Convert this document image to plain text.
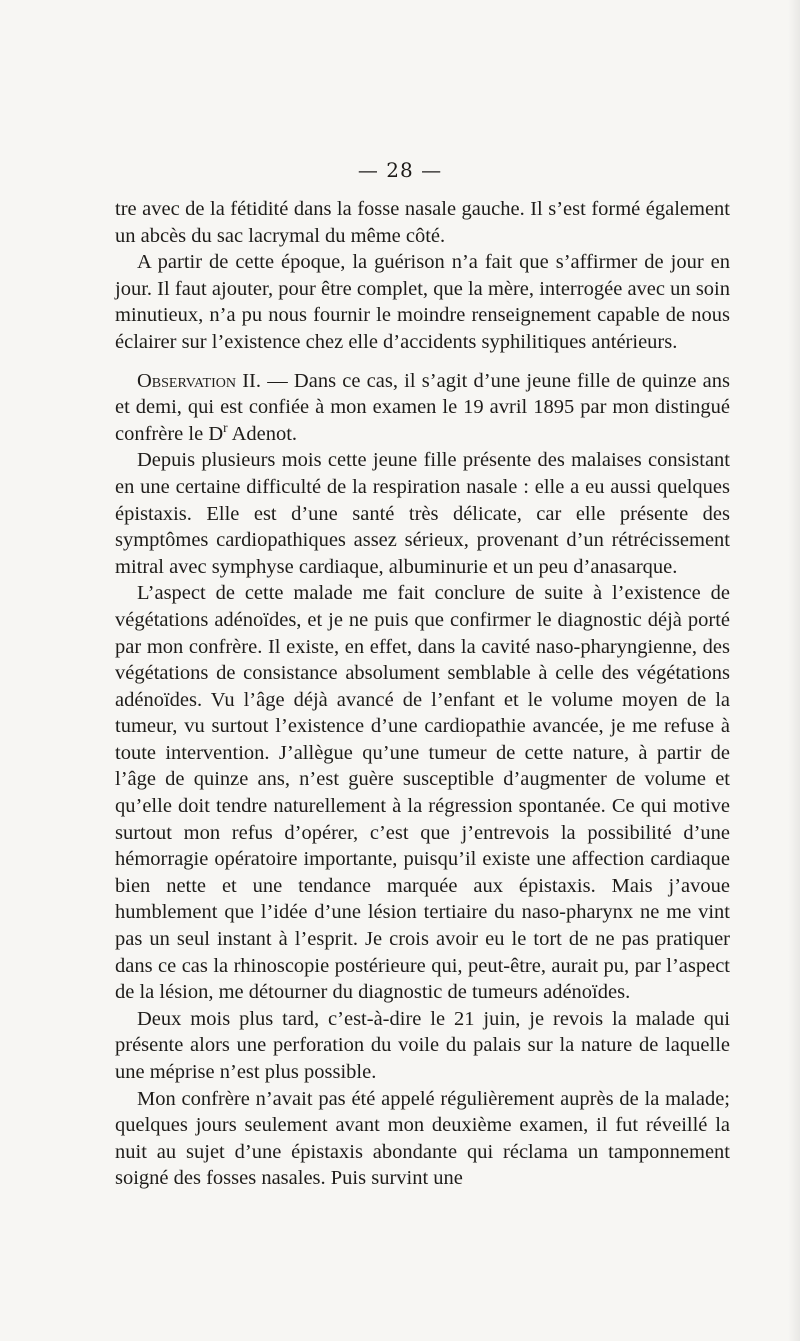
— 28 —

tre avec de la fétidité dans la fosse nasale gauche. Il s’est formé également un abcès du sac lacrymal du même côté.

A partir de cette époque, la guérison n’a fait que s’affirmer de jour en jour. Il faut ajouter, pour être complet, que la mère, interrogée avec un soin minutieux, n’a pu nous fournir le moindre renseignement capable de nous éclairer sur l’existence chez elle d’accidents syphilitiques antérieurs.

Observation II. — Dans ce cas, il s’agit d’une jeune fille de quinze ans et demi, qui est confiée à mon examen le 19 avril 1895 par mon distingué confrère le $D^r$ Adenot.

Depuis plusieurs mois cette jeune fille présente des malaises consistant en une certaine difficulté de la respiration nasale : elle a eu aussi quelques épistaxis. Elle est d’une santé très délicate, car elle présente des symptômes cardiopathiques assez sérieux, provenant d’un rétrécissement mitral avec symphyse cardiaque, albuminurie et un peu d’anasarque.

L’aspect de cette malade me fait conclure de suite à l’existence de végétations adénoïdes, et je ne puis que confirmer le diagnostic déjà porté par mon confrère. Il existe, en effet, dans la cavité naso-pharyngienne, des végétations de consistance absolument semblable à celle des végétations adénoïdes. Vu l’âge déjà avancé de l’enfant et le volume moyen de la tumeur, vu surtout l’existence d’une cardiopathie avancée, je me refuse à toute intervention. J’allègue qu’une tumeur de cette nature, à partir de l’âge de quinze ans, n’est guère susceptible d’augmenter de volume et qu’elle doit tendre naturellement à la régression spontanée. Ce qui motive surtout mon refus d’opérer, c’est que j’entrevois la possibilité d’une hémorragie opératoire importante, puisqu’il existe une affection cardiaque bien nette et une tendance marquée aux épistaxis. Mais j’avoue humblement que l’idée d’une lésion tertiaire du naso-pharynx ne me vint pas un seul instant à l’esprit. Je crois avoir eu le tort de ne pas pratiquer dans ce cas la rhinoscopie postérieure qui, peut-être, aurait pu, par l’aspect de la lésion, me détourner du diagnostic de tumeurs adénoïdes.

Deux mois plus tard, c’est-à-dire le 21 juin, je revois la malade qui présente alors une perforation du voile du palais sur la nature de laquelle une méprise n’est plus possible.

Mon confrère n’avait pas été appelé régulièrement auprès de la malade; quelques jours seulement avant mon deuxième examen, il fut réveillé la nuit au sujet d’une épistaxis abondante qui réclama un tamponnement soigné des fosses nasales. Puis survint une
